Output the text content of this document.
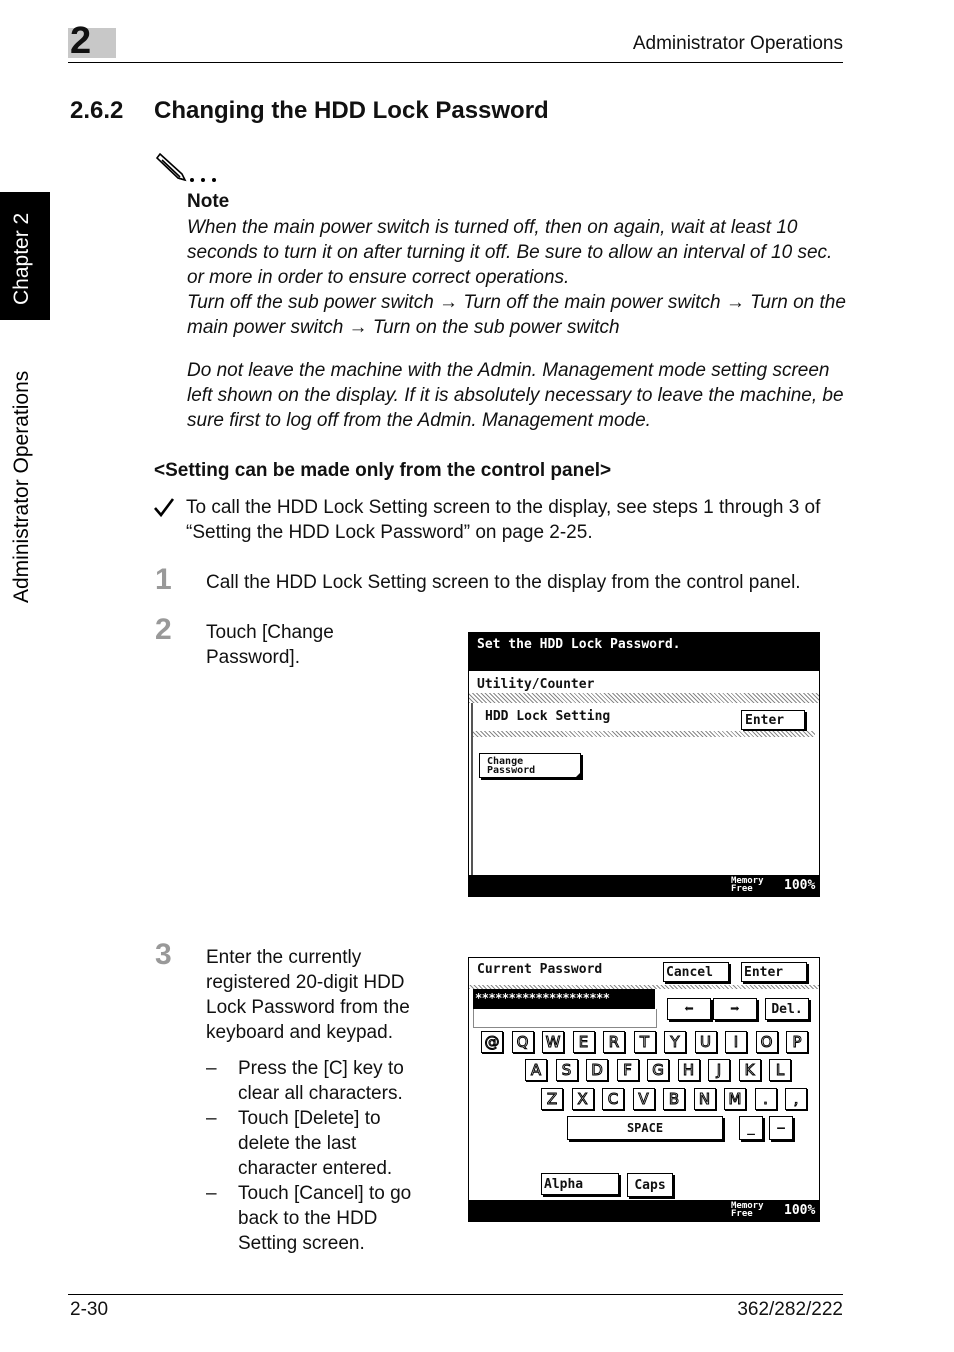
2	Administrator Operations
Chapter 2
Administrator Operations
2.6.2 Changing the HDD Lock Password
Note
When the main power switch is turned off, then on again, wait at least 10 seconds to turn it on after turning it off. Be sure to allow an interval of 10 sec. or more in order to ensure correct operations.
Turn off the sub power switch → Turn off the main power switch → Turn on the main power switch → Turn on the sub power switch
Do not leave the machine with the Admin. Management mode setting screen left shown on the display. If it is absolutely necessary to leave the machine, be sure first to log off from the Admin. Management mode.
<Setting can be made only from the control panel>
To call the HDD Lock Setting screen to the display, see steps 1 through 3 of “Setting the HDD Lock Password” on page 2-25.
1 Call the HDD Lock Setting screen to the display from the control panel.
2 Touch [Change Password].
Set the HDD Lock Password.
Utility/Counter
HDD Lock Setting	Enter
Change
Password
Memory
Free	100%
3 Enter the currently registered 20-digit HDD Lock Password from the keyboard and keypad.
– Press the [C] key to clear all characters.
– Touch [Delete] to delete the last character entered.
– Touch [Cancel] to go back to the HDD Setting screen.
Current Password	Cancel	Enter
********************
⬅	➡	Del.
@	Q	W	E	R	T	Y	U	I	O	P
A	S	D	F	G	H	J	K	L
Z	X	C	V	B	N	M	.	,
SPACE	_	–
Alpha	Caps
Memory
Free	100%
2-30	362/282/222
